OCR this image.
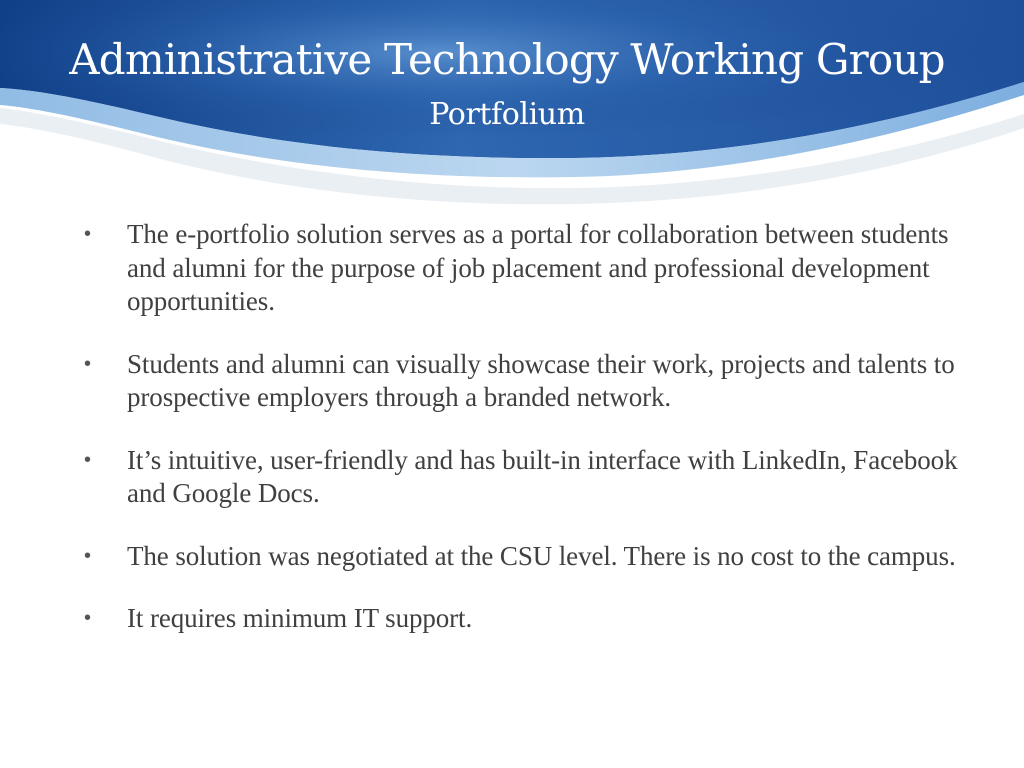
Administrative Technology Working Group
Portfolium
•	The e-portfolio solution serves as a portal for collaboration between students and alumni for the purpose of job placement and professional development opportunities.
•	Students and alumni can visually showcase their work, projects and talents to prospective employers through a branded network.
•	It’s intuitive, user-friendly and has built-in interface with LinkedIn, Facebook and Google Docs.
•	The solution was negotiated at the CSU level. There is no cost to the campus.
•	It requires minimum IT support.
